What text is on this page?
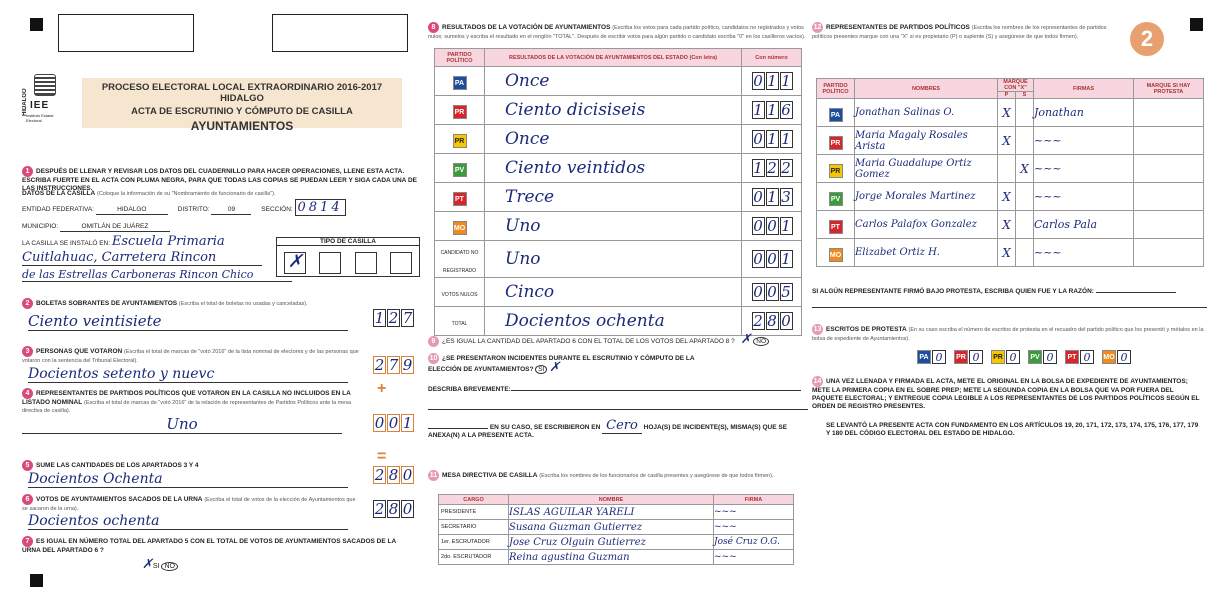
HIDALGO IEE
Instituto Estatal Electoral
PROCESO ELECTORAL LOCAL EXTRAORDINARIO 2016-2017 HIDALGO
ACTA DE ESCRUTINIO Y CÓMPUTO DE CASILLA
AYUNTAMIENTOS
1 DESPUÉS DE LLENAR Y REVISAR LOS DATOS DEL CUADERNILLO PARA HACER OPERACIONES, LLENE ESTA ACTA. ESCRIBA FUERTE EN EL ACTA CON PLUMA NEGRA, PARA QUE TODAS LAS COPIAS SE PUEDAN LEER Y SIGA CADA UNA DE LAS INSTRUCCIONES.
DATOS DE LA CASILLA (Coloque la información de su "Nombramiento de funcionario de casilla").
ENTIDAD FEDERATIVA:	HIDALGO	DISTRITO:	09	SECCIÓN: 0814
MUNICIPIO:	OMITLÁN DE JUÁREZ
LA CASILLA SE INSTALÓ EN: Escuela Primaria
Cuitlahuac, Carretera Rincon
de las Estrellas Carboneras Rincon Chico
TIPO DE CASILLA
✗
2 BOLETAS SOBRANTES DE AYUNTAMIENTOS (Escriba el total de boletas no usadas y canceladas).
Ciento veintisiete	1 2 7
3 PERSONAS QUE VOTARON (Escriba el total de marcas de "votó 2016" de la lista nominal de electores y de las personas que votaron con la sentencia del Tribunal Electoral).
Docientos setento y nuevc	2 7 9
+
4 REPRESENTANTES DE PARTIDOS POLÍTICOS QUE VOTARON EN LA CASILLA NO INCLUIDOS EN LA LISTADO NOMINAL (Escriba el total de marcas de "votó 2016" de la relación de representantes de Partidos Políticos ante la mesa directiva de casilla).
Uno	0 0 1
=
5 SUME LAS CANTIDADES DE LOS APARTADOS 3 Y 4
Docientos Ochenta	2 8 0
6 VOTOS DE AYUNTAMIENTOS SACADOS DE LA URNA (Escriba el total de votos de la elección de Ayuntamientos que se sacaron de la urna).
Docientos ochenta
2 8 0
7 ES IGUAL EN NÚMERO TOTAL DEL APARTADO 5 CON EL TOTAL DE VOTOS DE AYUNTAMIENTOS SACADOS DE LA URNA DEL APARTADO 6 ?
✗SI NO
8 RESULTADOS DE LA VOTACIÓN DE AYUNTAMIENTOS (Escriba los votos para cada partido político, candidatos no registrados y votos nulos; sumelos y escriba el resultado en el renglón "TOTAL". Después de escribir votos para algún partido o candidato escriba "0" en los casilleros vacíos).
PARTIDO POLÍTICO	RESULTADOS DE LA VOTACIÓN DE AYUNTAMIENTOS DEL ESTADO (Con letra)	Con número
PA	Once	0 1 1
PR	Ciento dicisiseis	1 1 6
PR	Once	0 1 1
PV	Ciento veintidos	1 2 2
PT	Trece	0 1 3
MO	Uno	0 0 1
CANDIDATO NO REGISTRADO	Uno	0 0 1
VOTOS NULOS	Cinco	0 0 5
TOTAL	Docientos ochenta	2 8 0
9 ¿ES IGUAL LA CANTIDAD DEL APARTADO 6 CON EL TOTAL DE LOS VOTOS DEL APARTADO 8 ? ✗ NO
10 ¿SE PRESENTARON INCIDENTES DURANTE EL ESCRUTINIO Y CÓMPUTO DE LA ELECCIÓN DE AYUNTAMIENTOS? SI ✗
DESCRIBA BREVEMENTE:
EN SU CASO, SE ESCRIBIERON EN Cero HOJA(S) DE INCIDENTE(S), MISMA(S) QUE SE ANEXA(N) A LA PRESENTE ACTA.
11 MESA DIRECTIVA DE CASILLA (Escriba los nombres de los funcionarios de casilla presentes y asegúrese de que todos firmen).
CARGO	NOMBRE	FIRMA
PRESIDENTE	ISLAS AGUILAR YARELI	~~~
SECRETARIO	Susana Guzman Gutierrez	~~~
1er. ESCRUTADOR	Jose Cruz Olguin Gutierrez	José Cruz O.G.
2do. ESCRUTADOR	Reina agustina Guzman	~~~
12 REPRESENTANTES DE PARTIDOS POLÍTICOS (Escriba los nombres de los representantes de partidos políticos presentes marque con una "X" si es propietario (P) o suplente (S) y asegúrese de que todos firmen).	2
PARTIDO POLÍTICO	NOMBRES	MARQUE CON "X"		FIRMAS	MARQUE SI HAY PROTESTA
		P	S		
PA	Jonathan Salinas O.	X		Jonathan	
PR	Maria Magaly Rosales Arista	X		~~~	
PR	Maria Guadalupe Ortiz Gomez		X	~~~	
PV	Jorge Morales Martinez	X		~~~	
PT	Carlos Palafox Gonzalez	X		Carlos Pala	
MO	Elizabet Ortiz H.	X		~~~	
SI ALGÚN REPRESENTANTE FIRMÓ BAJO PROTESTA, ESCRIBA QUIEN FUE Y LA RAZÓN:
13 ESCRITOS DE PROTESTA (En su caso escriba el número de escritos de protesta en el recuadro del partido político que los presentó y métalos en la bolsa de expediente de Ayuntamientos).
PA 0	PR 0	PR 0	PV 0	PT 0	MO 0
14 UNA VEZ LLENADA Y FIRMADA EL ACTA, METE EL ORIGINAL EN LA BOLSA DE EXPEDIENTE DE AYUNTAMIENTOS; METE LA PRIMERA COPIA EN EL SOBRE PREP; METE LA SEGUNDA COPIA EN LA BOLSA QUE VA POR FUERA DEL PAQUETE ELECTORAL; Y ENTREGUE COPIA LEGIBLE A LOS REPRESENTANTES DE LOS PARTIDOS POLÍTICOS SEGÚN EL ORDEN DE REGISTRO PRESENTES.
SE LEVANTÓ LA PRESENTE ACTA CON FUNDAMENTO EN LOS ARTÍCULOS 19, 20, 171, 172, 173, 174, 175, 176, 177, 179 Y 180 DEL CÓDIGO ELECTORAL DEL ESTADO DE HIDALGO.
